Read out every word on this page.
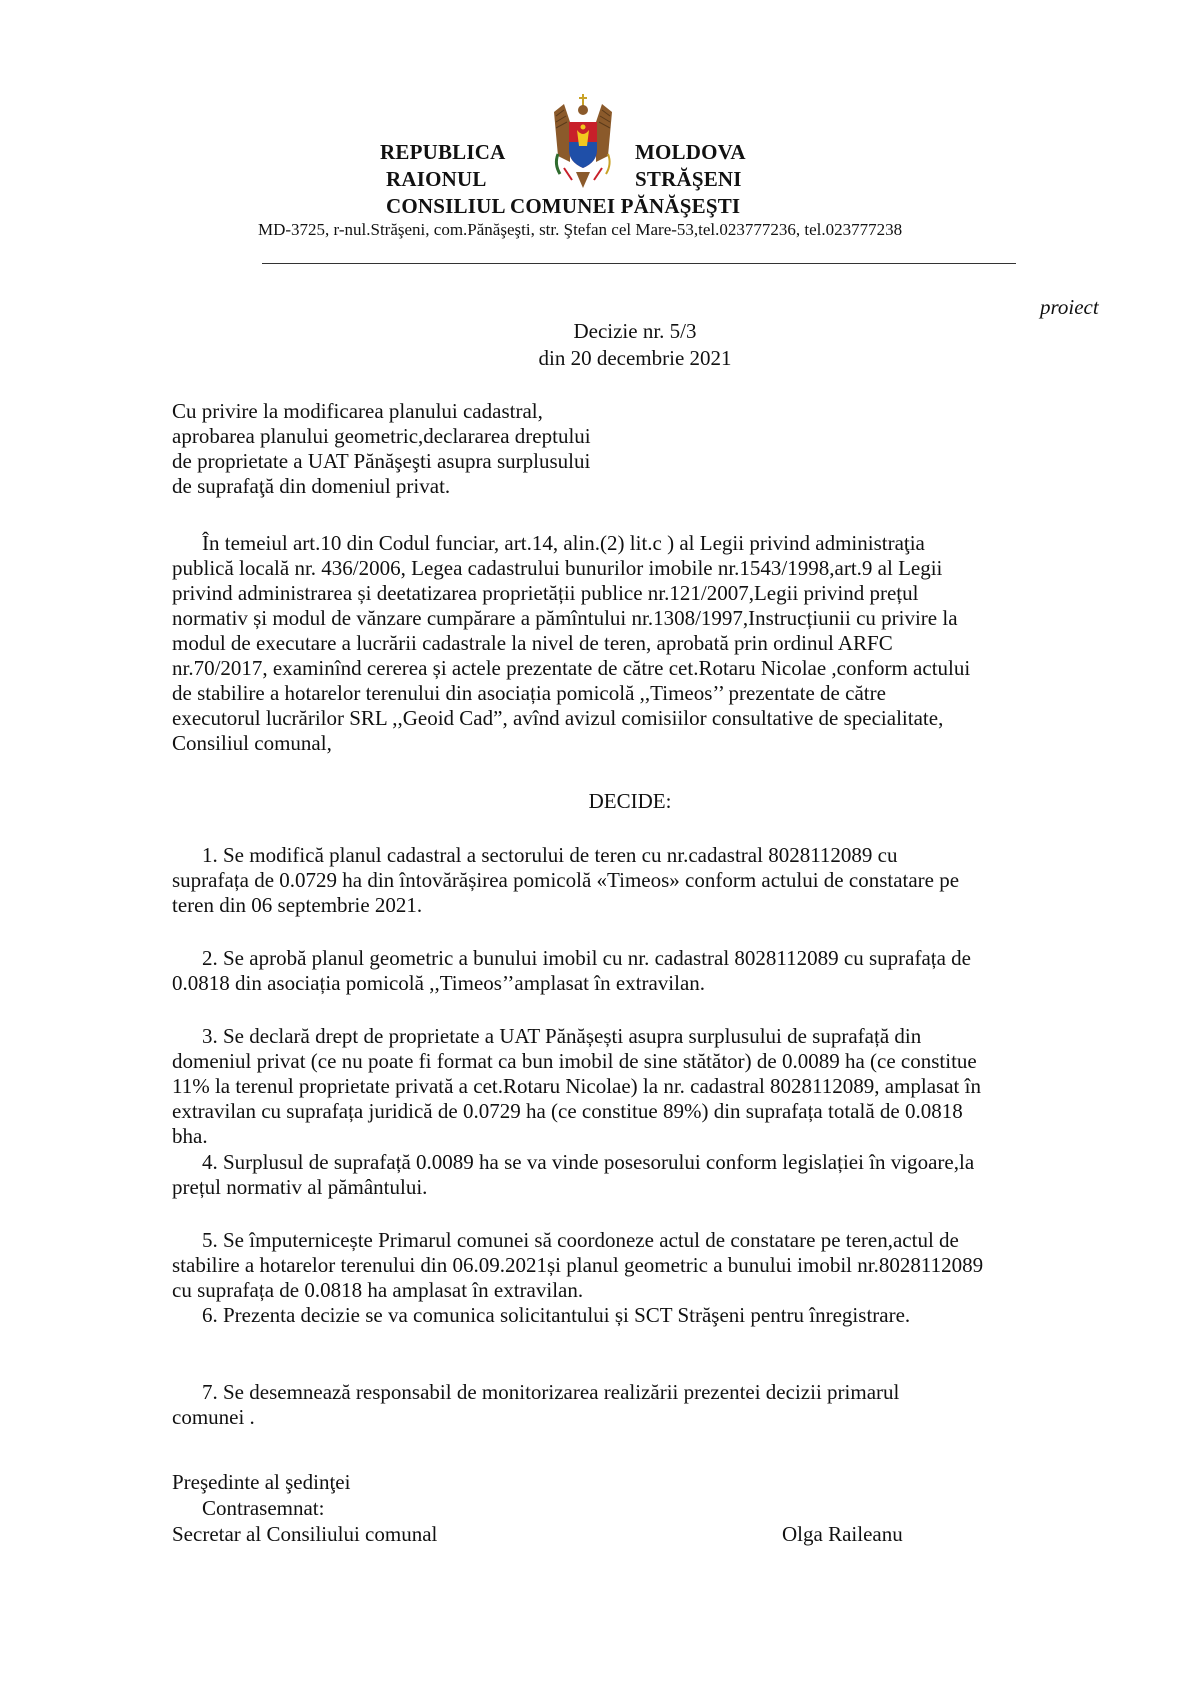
REPUBLICA	MOLDOVA
RAIONUL	STRĂŞENI
CONSILIUL COMUNEI PĂNĂŞEŞTI
MD-3725, r-nul.Străşeni, com.Pănăşeşti, str. Ştefan cel Mare-53,tel.023777236, tel.023777238
proiect
Decizie nr. 5/3
din 20 decembrie 2021
Cu privire la modificarea planului cadastral,
aprobarea planului geometric,declararea dreptului
de proprietate a UAT Pănăşeşti asupra surplusului
de suprafaţă din domeniul privat.
În temeiul art.10 din Codul funciar, art.14, alin.(2) lit.c ) al Legii privind administraţia
publică locală nr. 436/2006, Legea cadastrului bunurilor imobile nr.1543/1998,art.9 al Legii
privind administrarea și deetatizarea proprietății publice nr.121/2007,Legii privind prețul
normativ și modul de vănzare cumpărare a pămîntului nr.1308/1997,Instrucțiunii cu privire la
modul de executare a lucrării cadastrale la nivel de teren, aprobată prin ordinul ARFC
nr.70/2017, examinînd cererea și actele prezentate de către cet.Rotaru Nicolae ,conform actului
de stabilire a hotarelor terenului din asociația pomicolă ,,Timeos’’ prezentate de către
executorul lucrărilor SRL ,,Geoid Cad”, avînd avizul comisiilor consultative de specialitate,
Consiliul comunal,
DECIDE:
1. Se modifică planul cadastral a sectorului de teren cu nr.cadastral 8028112089 cu
suprafața de 0.0729 ha din întovărășirea pomicolă «Timeos» conform actului de constatare pe
teren din 06 septembrie 2021.
2. Se aprobă planul geometric a bunului imobil cu nr. cadastral 8028112089 cu suprafața de
0.0818 din asociația pomicolă ,,Timeos’’amplasat în extravilan.
3. Se declară drept de proprietate a UAT Pănășești asupra surplusului de suprafață din
domeniul privat (ce nu poate fi format ca bun imobil de sine stătător) de 0.0089 ha (ce constitue
11% la terenul proprietate privată a cet.Rotaru Nicolae) la nr. cadastral 8028112089, amplasat în
extravilan cu suprafața juridică de 0.0729 ha (ce constitue 89%) din suprafața totală de 0.0818
bha.
4. Surplusul de suprafață 0.0089 ha se va vinde posesorului conform legislației în vigoare,la
prețul normativ al pământului.
5. Se împuternicește Primarul comunei să coordoneze actul de constatare pe teren,actul de
stabilire a hotarelor terenului din 06.09.2021și planul geometric a bunului imobil nr.8028112089
cu suprafața de 0.0818 ha amplasat în extravilan.
6. Prezenta decizie se va comunica solicitantului și SCT Străşeni pentru înregistrare.
7. Se desemnează responsabil de monitorizarea realizării prezentei decizii primarul
comunei .
Preşedinte al şedinţei
Contrasemnat:
Secretar al Consiliului comunal	Olga Raileanu
